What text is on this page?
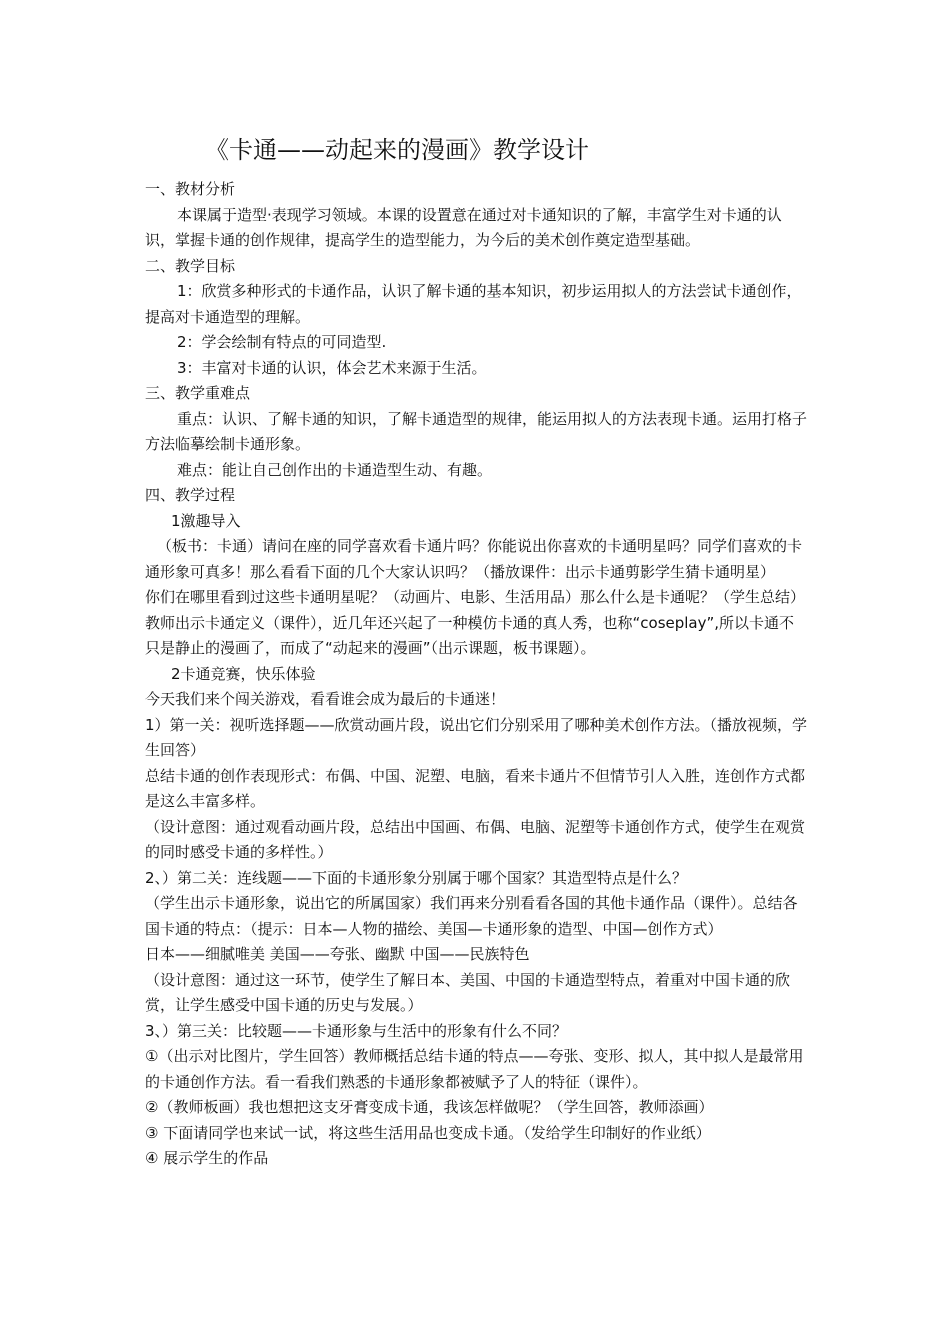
《卡通——动起来的漫画》教学设计

一、教材分析

本课属于造型·表现学习领域。本课的设置意在通过对卡通知识的了解，丰富学生对卡通的认识，掌握卡通的创作规律，提高学生的造型能力，为今后的美术创作奠定造型基础。

二、教学目标

1：欣赏多种形式的卡通作品，认识了解卡通的基本知识，初步运用拟人的方法尝试卡通创作，提高对卡通造型的理解。

2：学会绘制有特点的可同造型.

3：丰富对卡通的认识，体会艺术来源于生活。

三、教学重难点

重点：认识、了解卡通的知识，了解卡通造型的规律，能运用拟人的方法表现卡通。运用打格子方法临摹绘制卡通形象。

难点：能让自己创作出的卡通造型生动、有趣。

四、教学过程

1激趣导入

（板书：卡通）请问在座的同学喜欢看卡通片吗？你能说出你喜欢的卡通明星吗？同学们喜欢的卡通形象可真多！那么看看下面的几个大家认识吗？（播放课件：出示卡通剪影学生猜卡通明星）

你们在哪里看到过这些卡通明星呢？（动画片、电影、生活用品）那么什么是卡通呢？（学生总结）教师出示卡通定义（课件），近几年还兴起了一种模仿卡通的真人秀，也称“coseplay”,所以卡通不只是静止的漫画了，而成了“动起来的漫画”（出示课题，板书课题）。

2卡通竞赛，快乐体验

今天我们来个闯关游戏，看看谁会成为最后的卡通迷！

1）第一关：视听选择题——欣赏动画片段，说出它们分别采用了哪种美术创作方法。（播放视频，学生回答）

总结卡通的创作表现形式：布偶、中国、泥塑、电脑，看来卡通片不但情节引人入胜，连创作方式都是这么丰富多样。

（设计意图：通过观看动画片段，总结出中国画、布偶、电脑、泥塑等卡通创作方式，使学生在观赏的同时感受卡通的多样性。）

2、）第二关：连线题——下面的卡通形象分别属于哪个国家？其造型特点是什么？

（学生出示卡通形象，说出它的所属国家）我们再来分别看看各国的其他卡通作品（课件）。总结各国卡通的特点：（提示：日本—人物的描绘、美国—卡通形象的造型、中国—创作方式）

日本——细腻唯美 美国——夸张、幽默 中国——民族特色

（设计意图：通过这一环节，使学生了解日本、美国、中国的卡通造型特点，着重对中国卡通的欣赏，让学生感受中国卡通的历史与发展。）

3、）第三关：比较题——卡通形象与生活中的形象有什么不同？

①（出示对比图片，学生回答）教师概括总结卡通的特点——夸张、变形、拟人，其中拟人是最常用的卡通创作方法。看一看我们熟悉的卡通形象都被赋予了人的特征（课件）。

②（教师板画）我也想把这支牙膏变成卡通，我该怎样做呢？（学生回答，教师添画）

③ 下面请同学也来试一试，将这些生活用品也变成卡通。（发给学生印制好的作业纸）

④ 展示学生的作品
